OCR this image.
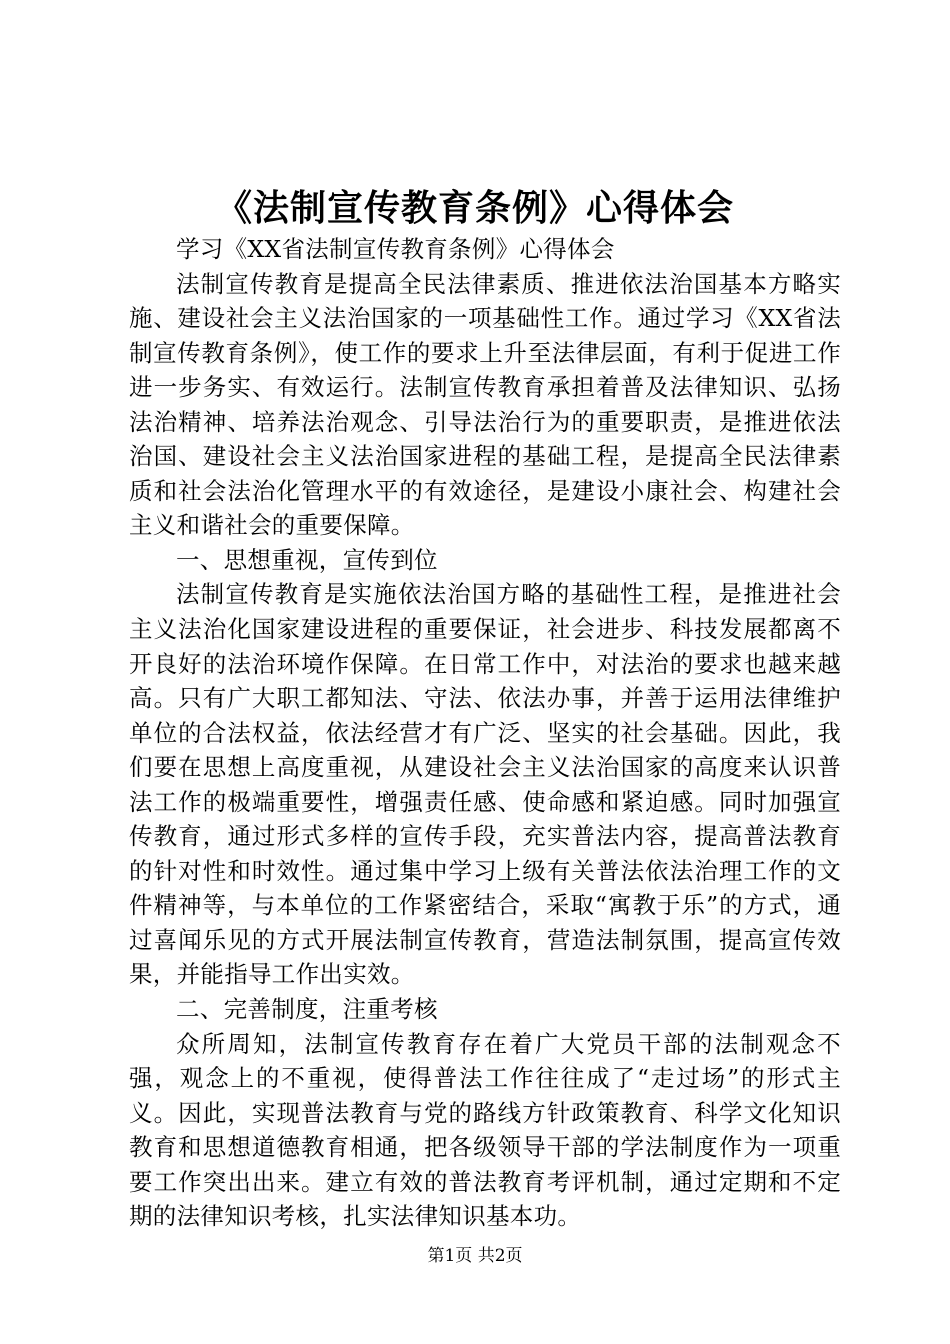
《法制宣传教育条例》心得体会

学习《XX省法制宣传教育条例》心得体会

法制宣传教育是提高全民法律素质、推进依法治国基本方略实施、建设社会主义法治国家的一项基础性工作。通过学习《XX省法制宣传教育条例》，使工作的要求上升至法律层面，有利于促进工作进一步务实、有效运行。法制宣传教育承担着普及法律知识、弘扬法治精神、培养法治观念、引导法治行为的重要职责，是推进依法治国、建设社会主义法治国家进程的基础工程，是提高全民法律素质和社会法治化管理水平的有效途径，是建设小康社会、构建社会主义和谐社会的重要保障。

一、思想重视，宣传到位

法制宣传教育是实施依法治国方略的基础性工程，是推进社会主义法治化国家建设进程的重要保证，社会进步、科技发展都离不开良好的法治环境作保障。在日常工作中，对法治的要求也越来越高。只有广大职工都知法、守法、依法办事，并善于运用法律维护单位的合法权益，依法经营才有广泛、坚实的社会基础。因此，我们要在思想上高度重视，从建设社会主义法治国家的高度来认识普法工作的极端重要性，增强责任感、使命感和紧迫感。同时加强宣传教育，通过形式多样的宣传手段，充实普法内容，提高普法教育的针对性和时效性。通过集中学习上级有关普法依法治理工作的文件精神等，与本单位的工作紧密结合，采取“寓教于乐”的方式，通过喜闻乐见的方式开展法制宣传教育，营造法制氛围，提高宣传效果，并能指导工作出实效。

二、完善制度，注重考核

众所周知，法制宣传教育存在着广大党员干部的法制观念不强，观念上的不重视，使得普法工作往往成了“走过场”的形式主义。因此，实现普法教育与党的路线方针政策教育、科学文化知识教育和思想道德教育相通，把各级领导干部的学法制度作为一项重要工作突出出来。建立有效的普法教育考评机制，通过定期和不定期的法律知识考核，扎实法律知识基本功。

第1页 共2页
